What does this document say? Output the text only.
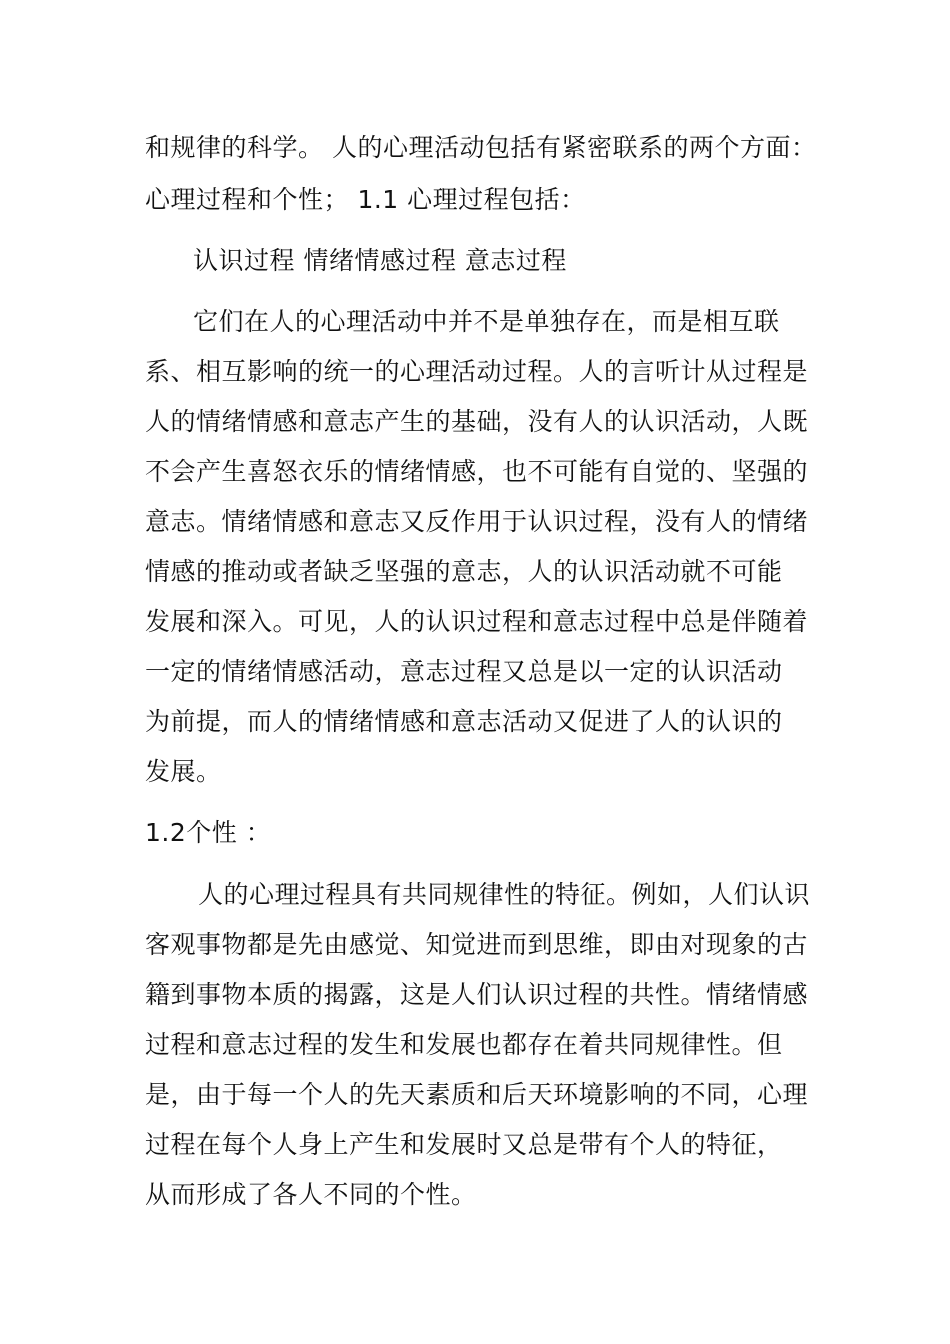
和规律的科学。 人的心理活动包括有紧密联系的两个方面：
心理过程和个性； 1.1 心理过程包括：
认识过程 情绪情感过程 意志过程
它们在人的心理活动中并不是单独存在，而是相互联
系、相互影响的统一的心理活动过程。人的言听计从过程是
人的情绪情感和意志产生的基础，没有人的认识活动，人既
不会产生喜怒衣乐的情绪情感，也不可能有自觉的、坚强的
意志。情绪情感和意志又反作用于认识过程，没有人的情绪
情感的推动或者缺乏坚强的意志，人的认识活动就不可能
发展和深入。可见，人的认识过程和意志过程中总是伴随着
一定的情绪情感活动，意志过程又总是以一定的认识活动
为前提，而人的情绪情感和意志活动又促进了人的认识的
发展。
1.2个性 ：
人的心理过程具有共同规律性的特征。例如，人们认识
客观事物都是先由感觉、知觉进而到思维，即由对现象的古
籍到事物本质的揭露，这是人们认识过程的共性。情绪情感
过程和意志过程的发生和发展也都存在着共同规律性。但
是，由于每一个人的先天素质和后天环境影响的不同，心理
过程在每个人身上产生和发展时又总是带有个人的特征，
从而形成了各人不同的个性。
